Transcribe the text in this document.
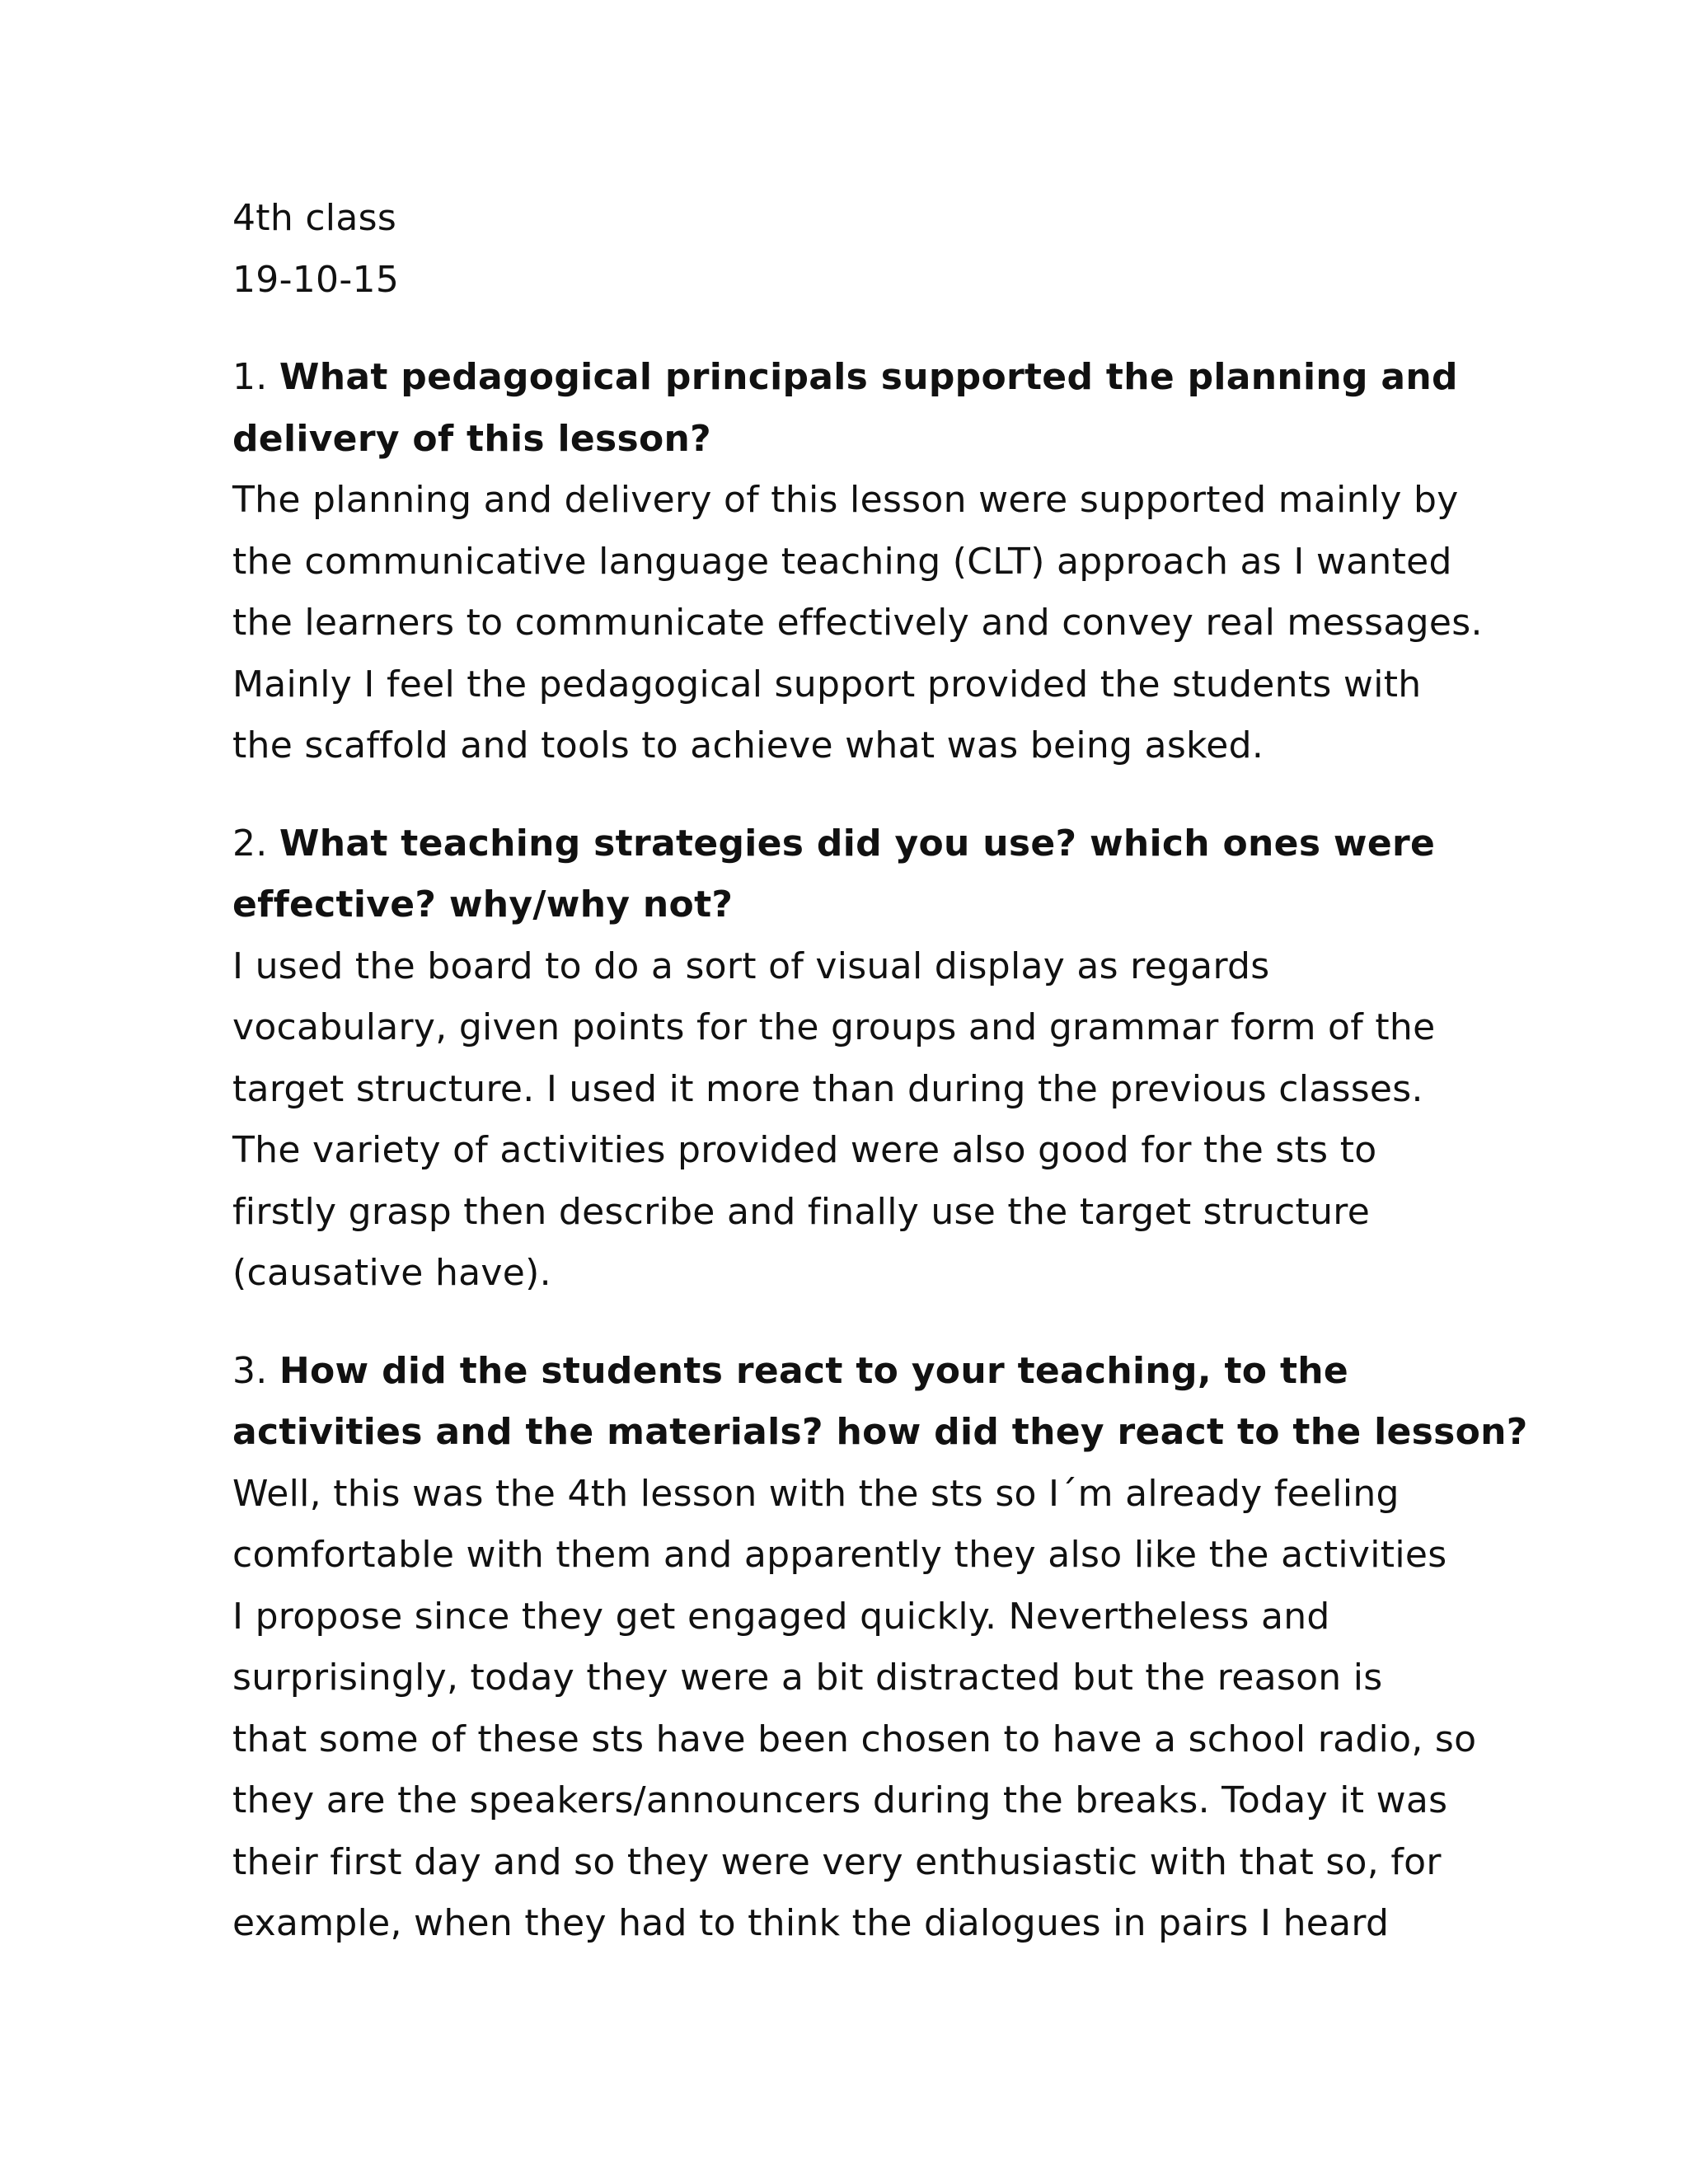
4th class
19-10-15
1. What pedagogical principals supported the planning and
delivery of this lesson?
The planning and delivery of this lesson were supported mainly by
the communicative language teaching (CLT) approach as I wanted
the learners to communicate effectively and convey real messages.
Mainly I feel the pedagogical support provided the students with
the scaffold and tools to achieve what was being asked.
2. What teaching strategies did you use? which ones were
effective? why/why not?
I used the board to do a sort of visual display as regards
vocabulary, given points for the groups and grammar form of the
target structure. I used it more than during the previous classes.
The variety of activities provided were also good for the sts to
firstly grasp then describe and finally use the target structure
(causative have).
3. How did the students react to your teaching, to the
activities and the materials? how did they react to the lesson?
Well, this was the 4th lesson with the sts so I´m already feeling
comfortable with them and apparently they also like the activities
I propose since they get engaged quickly. Nevertheless and
surprisingly, today they were a bit distracted but the reason is
that some of these sts have been chosen to have a school radio, so
they are the speakers/announcers during the breaks. Today it was
their first day and so they were very enthusiastic with that so, for
example, when they had to think the dialogues in pairs I heard
